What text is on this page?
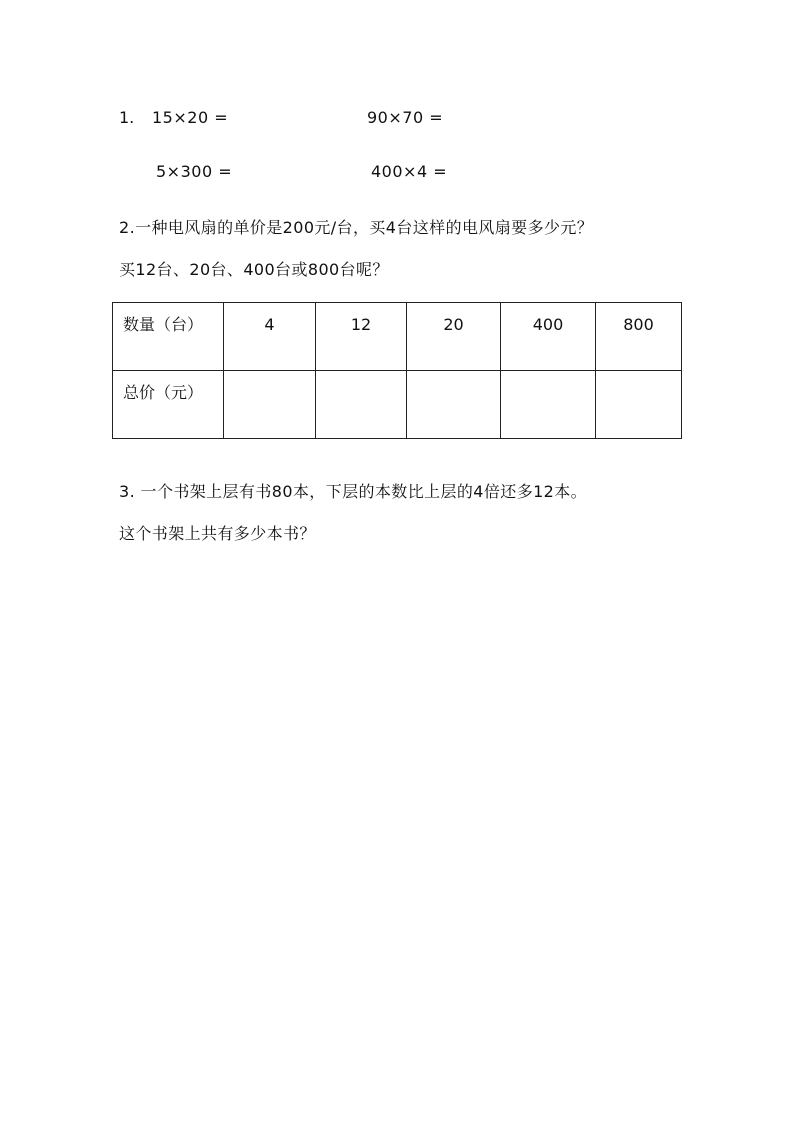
1. 15×20 =	90×70 =
5×300 =	400×4 =
2.一种电风扇的单价是200元/台，买4台这样的电风扇要多少元？
买12台、20台、400台或800台呢？
数量（台）	4	12	20	400	800
总价（元）					
3. 一个书架上层有书80本，下层的本数比上层的4倍还多12本。
这个书架上共有多少本书？
